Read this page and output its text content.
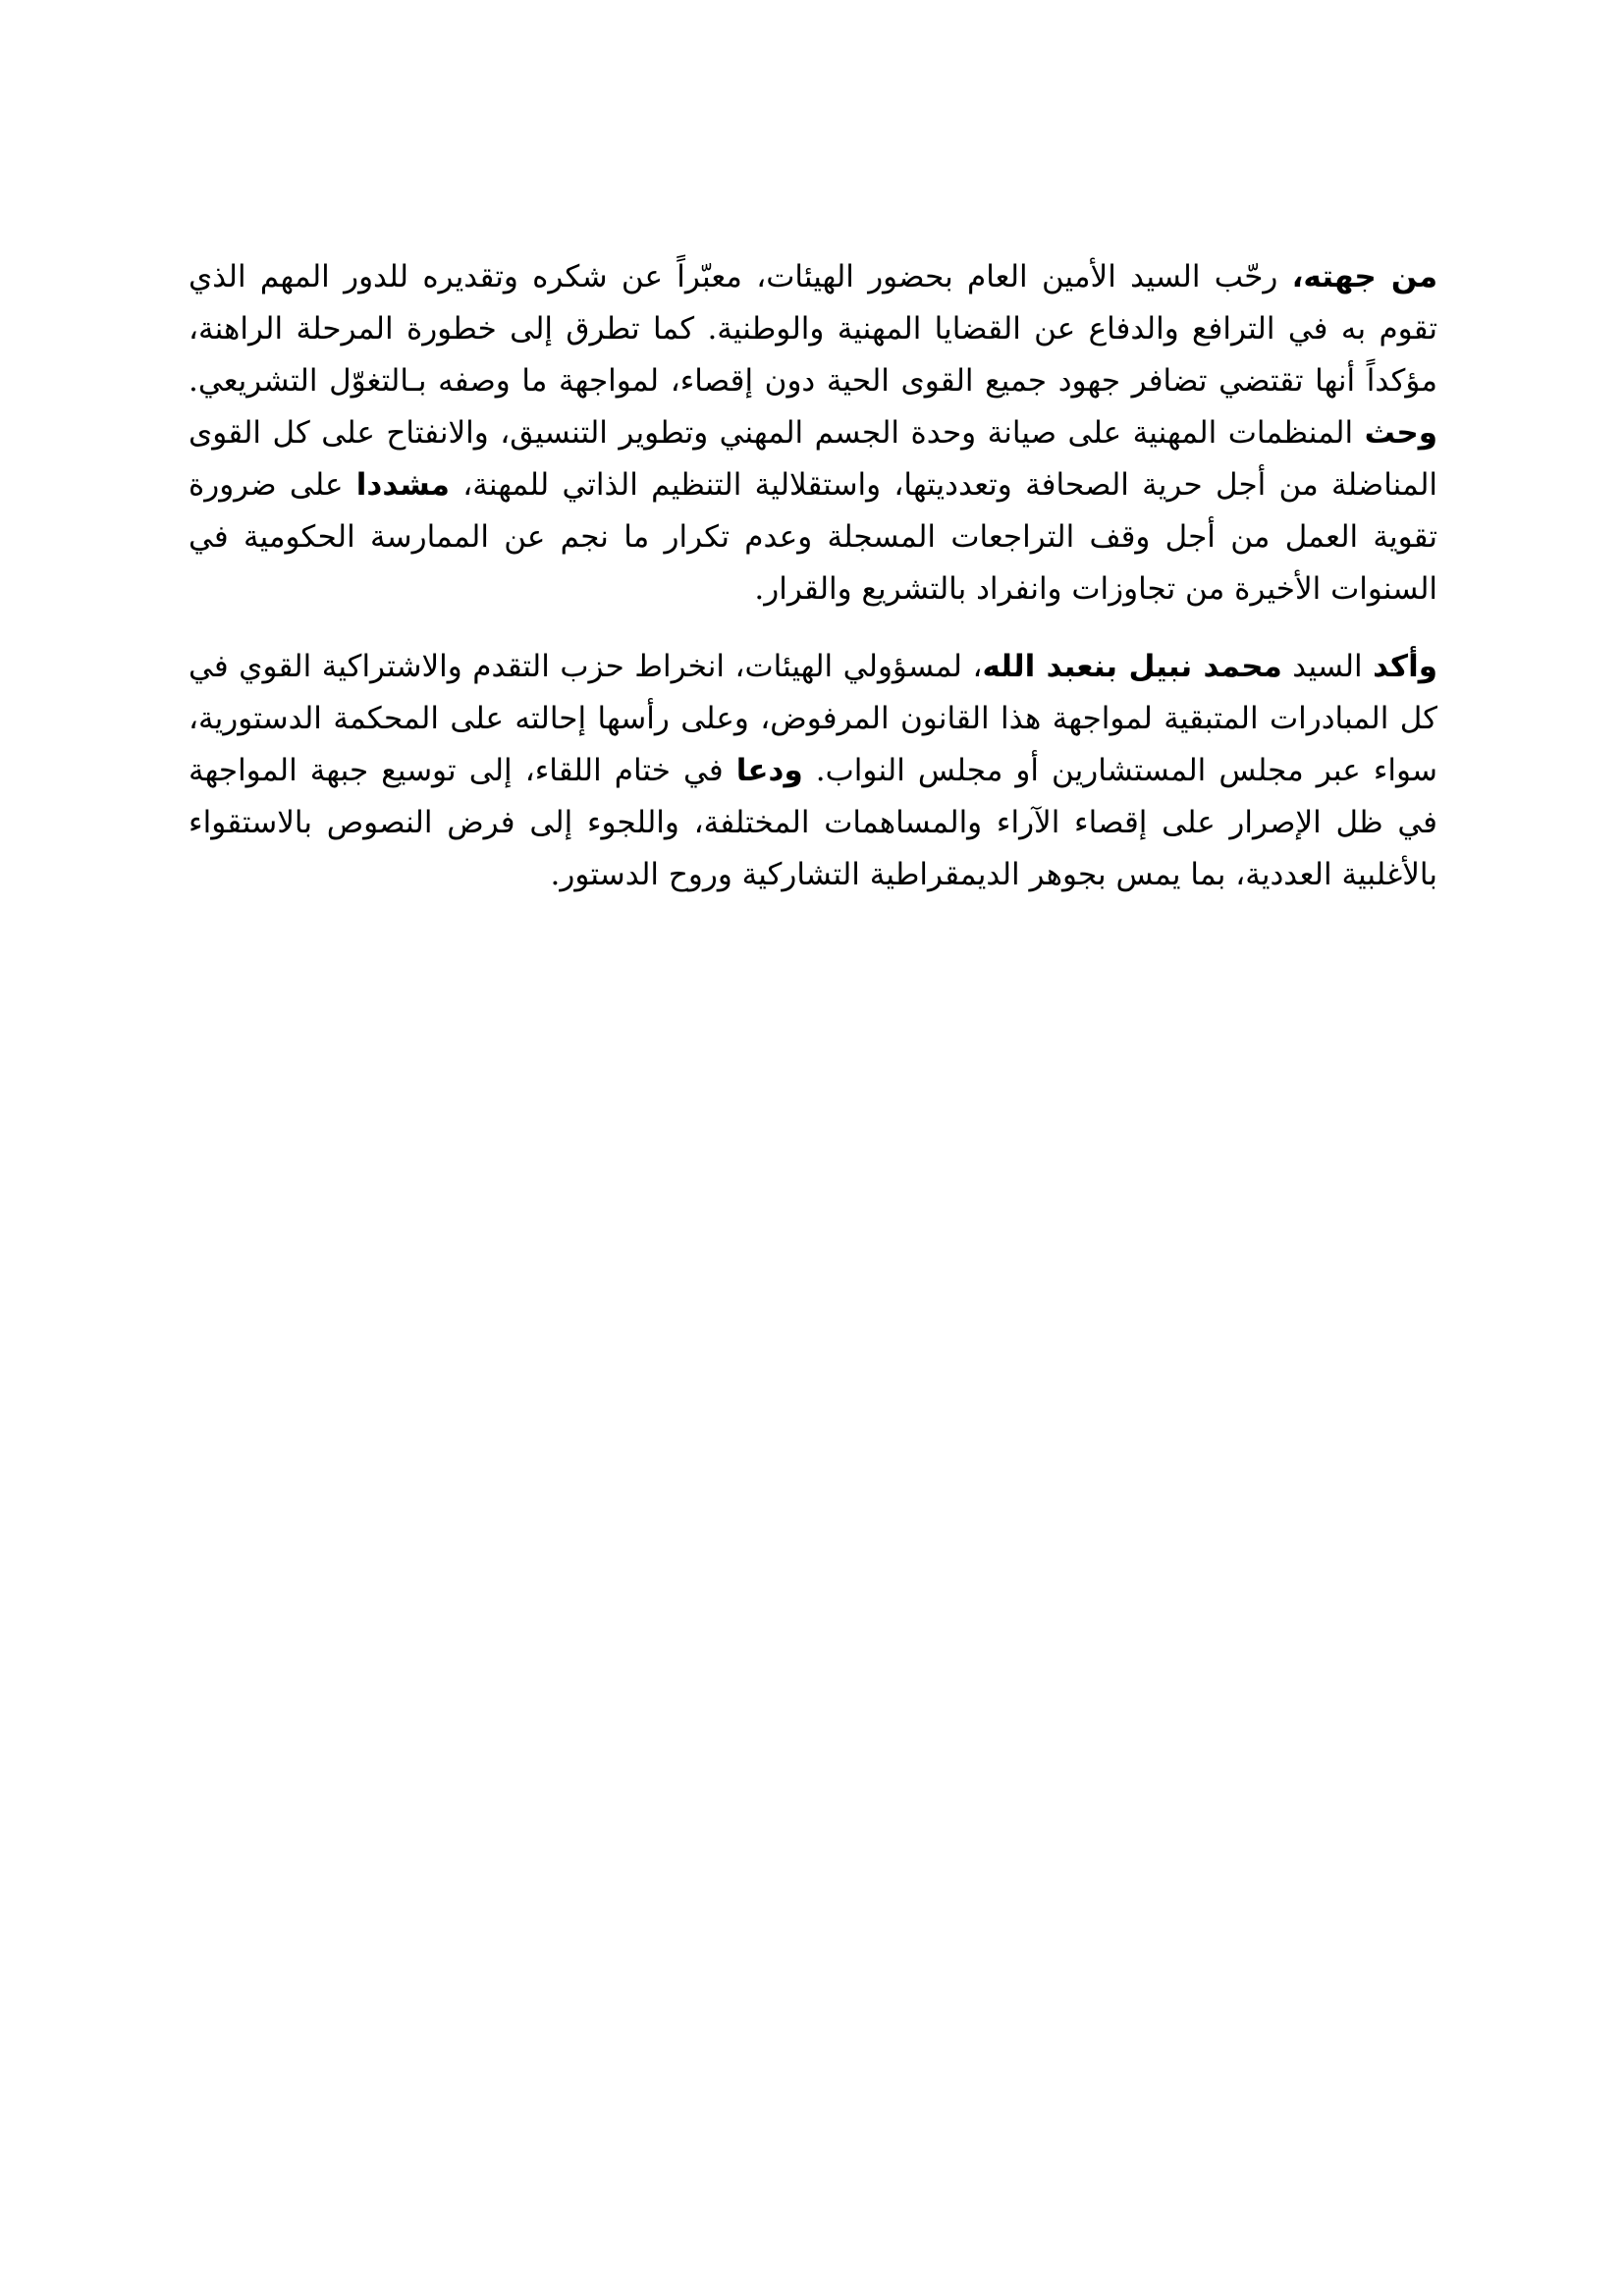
من جهته، رحّب السيد الأمين العام بحضور الهيئات، معبّراً عن شكره وتقديره للدور المهم الذي تقوم به في الترافع والدفاع عن القضايا المهنية والوطنية. كما تطرق إلى خطورة المرحلة الراهنة، مؤكداً أنها تقتضي تضافر جهود جميع القوى الحية دون إقصاء، لمواجهة ما وصفه بـالتغوّل التشريعي. وحث المنظمات المهنية على صيانة وحدة الجسم المهني وتطوير التنسيق، والانفتاح على كل القوى المناضلة من أجل حرية الصحافة وتعدديتها، واستقلالية التنظيم الذاتي للمهنة، مشددا على ضرورة تقوية العمل من أجل وقف التراجعات المسجلة وعدم تكرار ما نجم عن الممارسة الحكومية في السنوات الأخيرة من تجاوزات وانفراد بالتشريع والقرار.

وأكد السيد محمد نبيل بنعبد الله، لمسؤولي الهيئات، انخراط حزب التقدم والاشتراكية القوي في كل المبادرات المتبقية لمواجهة هذا القانون المرفوض، وعلى رأسها إحالته على المحكمة الدستورية، سواء عبر مجلس المستشارين أو مجلس النواب. ودعا في ختام اللقاء، إلى توسيع جبهة المواجهة في ظل الإصرار على إقصاء الآراء والمساهمات المختلفة، واللجوء إلى فرض النصوص بالاستقواء بالأغلبية العددية، بما يمس بجوهر الديمقراطية التشاركية وروح الدستور.
